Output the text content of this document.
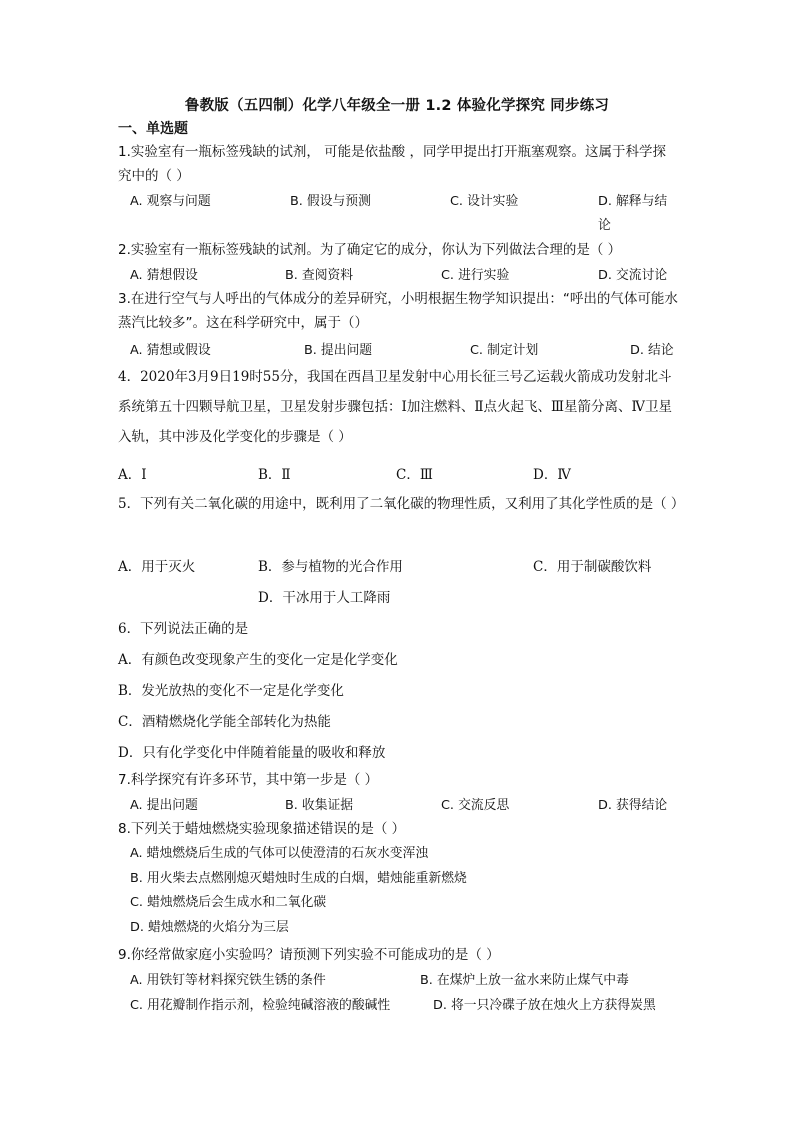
鲁教版（五四制）化学八年级全一册 1.2 体验化学探究 同步练习
一、单选题
1.实验室有一瓶标签残缺的试剂， 可能是依盐酸 ，同学甲提出打开瓶塞观察。这属于科学探究中的（ ）
A. 观察与问题	B. 假设与预测	C. 设计实验	D. 解释与结论
2.实验室有一瓶标签残缺的试剂。为了确定它的成分，你认为下列做法合理的是（ ）
A. 猜想假设	B. 查阅资料	C. 进行实验	D. 交流讨论
3.在进行空气与人呼出的气体成分的差异研究，小明根据生物学知识提出：“呼出的气体可能水蒸汽比较多”。这在科学研究中，属于（）
A. 猜想或假设	B. 提出问题	C. 制定计划	D. 结论
4．2020年3月9日19时55分，我国在西昌卫星发射中心用长征三号乙运载火箭成功发射北斗系统第五十四颗导航卫星，卫星发射步骤包括：Ⅰ加注燃料、Ⅱ点火起飞、Ⅲ星箭分离、Ⅳ卫星入轨，其中涉及化学变化的步骤是（ ）
A．Ⅰ	B．Ⅱ	C．Ⅲ	D．Ⅳ
5．下列有关二氧化碳的用途中，既利用了二氧化碳的物理性质，又利用了其化学性质的是（ ）
A．用于灭火	B．参与植物的光合作用	C．用于制碳酸饮料
D．干冰用于人工降雨
6．下列说法正确的是
A．有颜色改变现象产生的变化一定是化学变化
B．发光放热的变化不一定是化学变化
C．酒精燃烧化学能全部转化为热能
D．只有化学变化中伴随着能量的吸收和释放
7.科学探究有许多环节，其中第一步是（ ）
A. 提出问题	B. 收集证据	C. 交流反思	D. 获得结论
8.下列关于蜡烛燃烧实验现象描述错误的是（ ）
A. 蜡烛燃烧后生成的气体可以使澄清的石灰水变浑浊
B. 用火柴去点燃刚熄灭蜡烛时生成的白烟，蜡烛能重新燃烧
C. 蜡烛燃烧后会生成水和二氧化碳
D. 蜡烛燃烧的火焰分为三层
9.你经常做家庭小实验吗？请预测下列实验不可能成功的是（ ）
A. 用铁钉等材料探究铁生锈的条件	B. 在煤炉上放一盆水来防止煤气中毒
C. 用花瓣制作指示剂，检验纯碱溶液的酸碱性	D. 将一只冷碟子放在烛火上方获得炭黑
